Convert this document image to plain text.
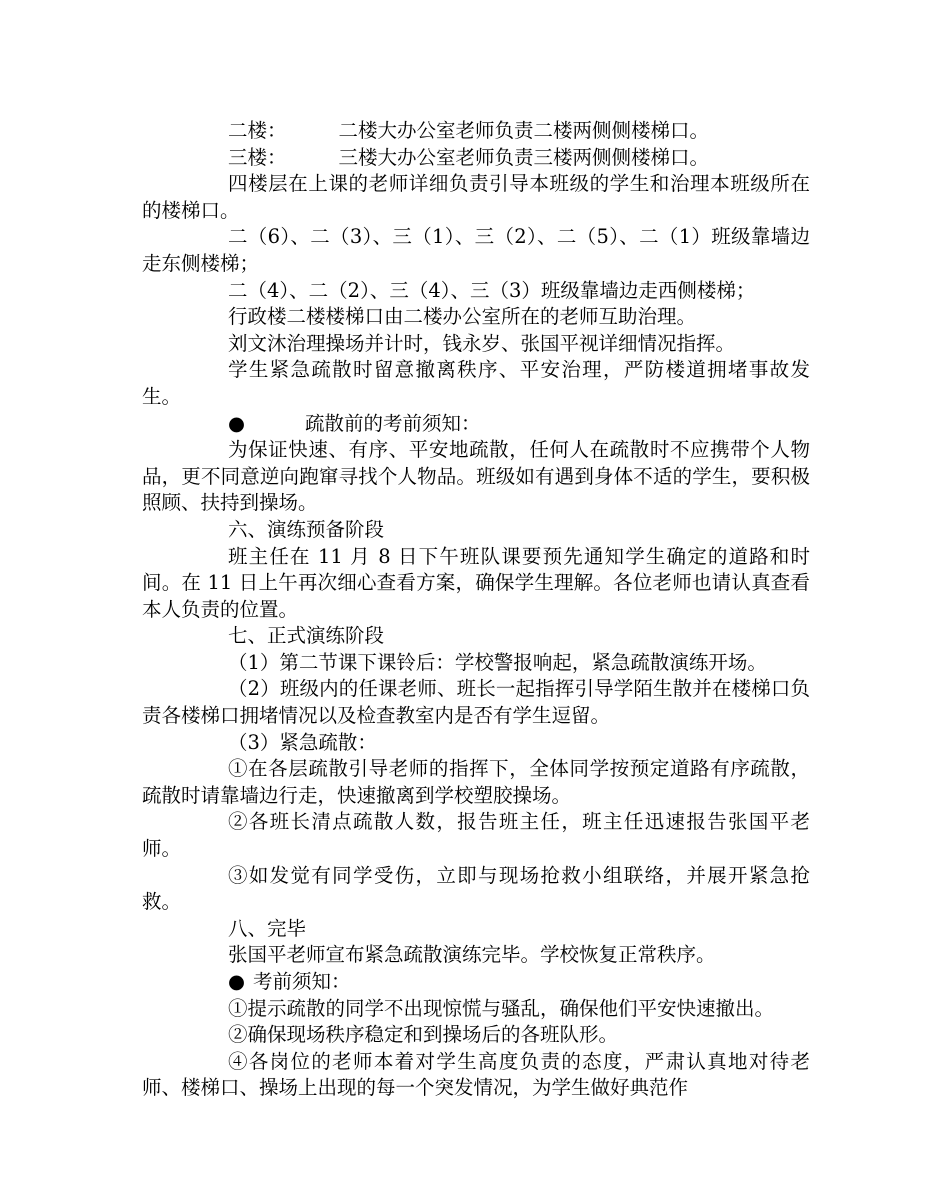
二楼：	二楼大办公室老师负责二楼两侧侧楼梯口。

三楼：	三楼大办公室老师负责三楼两侧侧楼梯口。

四楼层在上课的老师详细负责引导本班级的学生和治理本班级所在的楼梯口。

二（6）、二（3）、三（1）、三（2）、二（5）、二（1）班级靠墙边走东侧楼梯；

二（4）、二（2）、三（4）、三（3）班级靠墙边走西侧楼梯；

行政楼二楼楼梯口由二楼办公室所在的老师互助治理。

刘文沐治理操场并计时，钱永岁、张国平视详细情况指挥。

学生紧急疏散时留意撤离秩序、平安治理，严防楼道拥堵事故发生。

●	疏散前的考前须知：

为保证快速、有序、平安地疏散，任何人在疏散时不应携带个人物品，更不同意逆向跑窜寻找个人物品。班级如有遇到身体不适的学生，要积极照顾、扶持到操场。

六、演练预备阶段

班主任在 11 月 8 日下午班队课要预先通知学生确定的道路和时间。在 11 日上午再次细心查看方案，确保学生理解。各位老师也请认真查看本人负责的位置。

七、正式演练阶段

（1）第二节课下课铃后：学校警报响起，紧急疏散演练开场。

（2）班级内的任课老师、班长一起指挥引导学陌生散并在楼梯口负责各楼梯口拥堵情况以及检查教室内是否有学生逗留。

（3）紧急疏散：

①在各层疏散引导老师的指挥下，全体同学按预定道路有序疏散，疏散时请靠墙边行走，快速撤离到学校塑胶操场。

②各班长清点疏散人数，报告班主任，班主任迅速报告张国平老师。

③如发觉有同学受伤，立即与现场抢救小组联络，并展开紧急抢救。

八、完毕

张国平老师宣布紧急疏散演练完毕。学校恢复正常秩序。

● 考前须知：

①提示疏散的同学不出现惊慌与骚乱，确保他们平安快速撤出。

②确保现场秩序稳定和到操场后的各班队形。

④各岗位的老师本着对学生高度负责的态度，严肃认真地对待老师、楼梯口、操场上出现的每一个突发情况，为学生做好典范作
